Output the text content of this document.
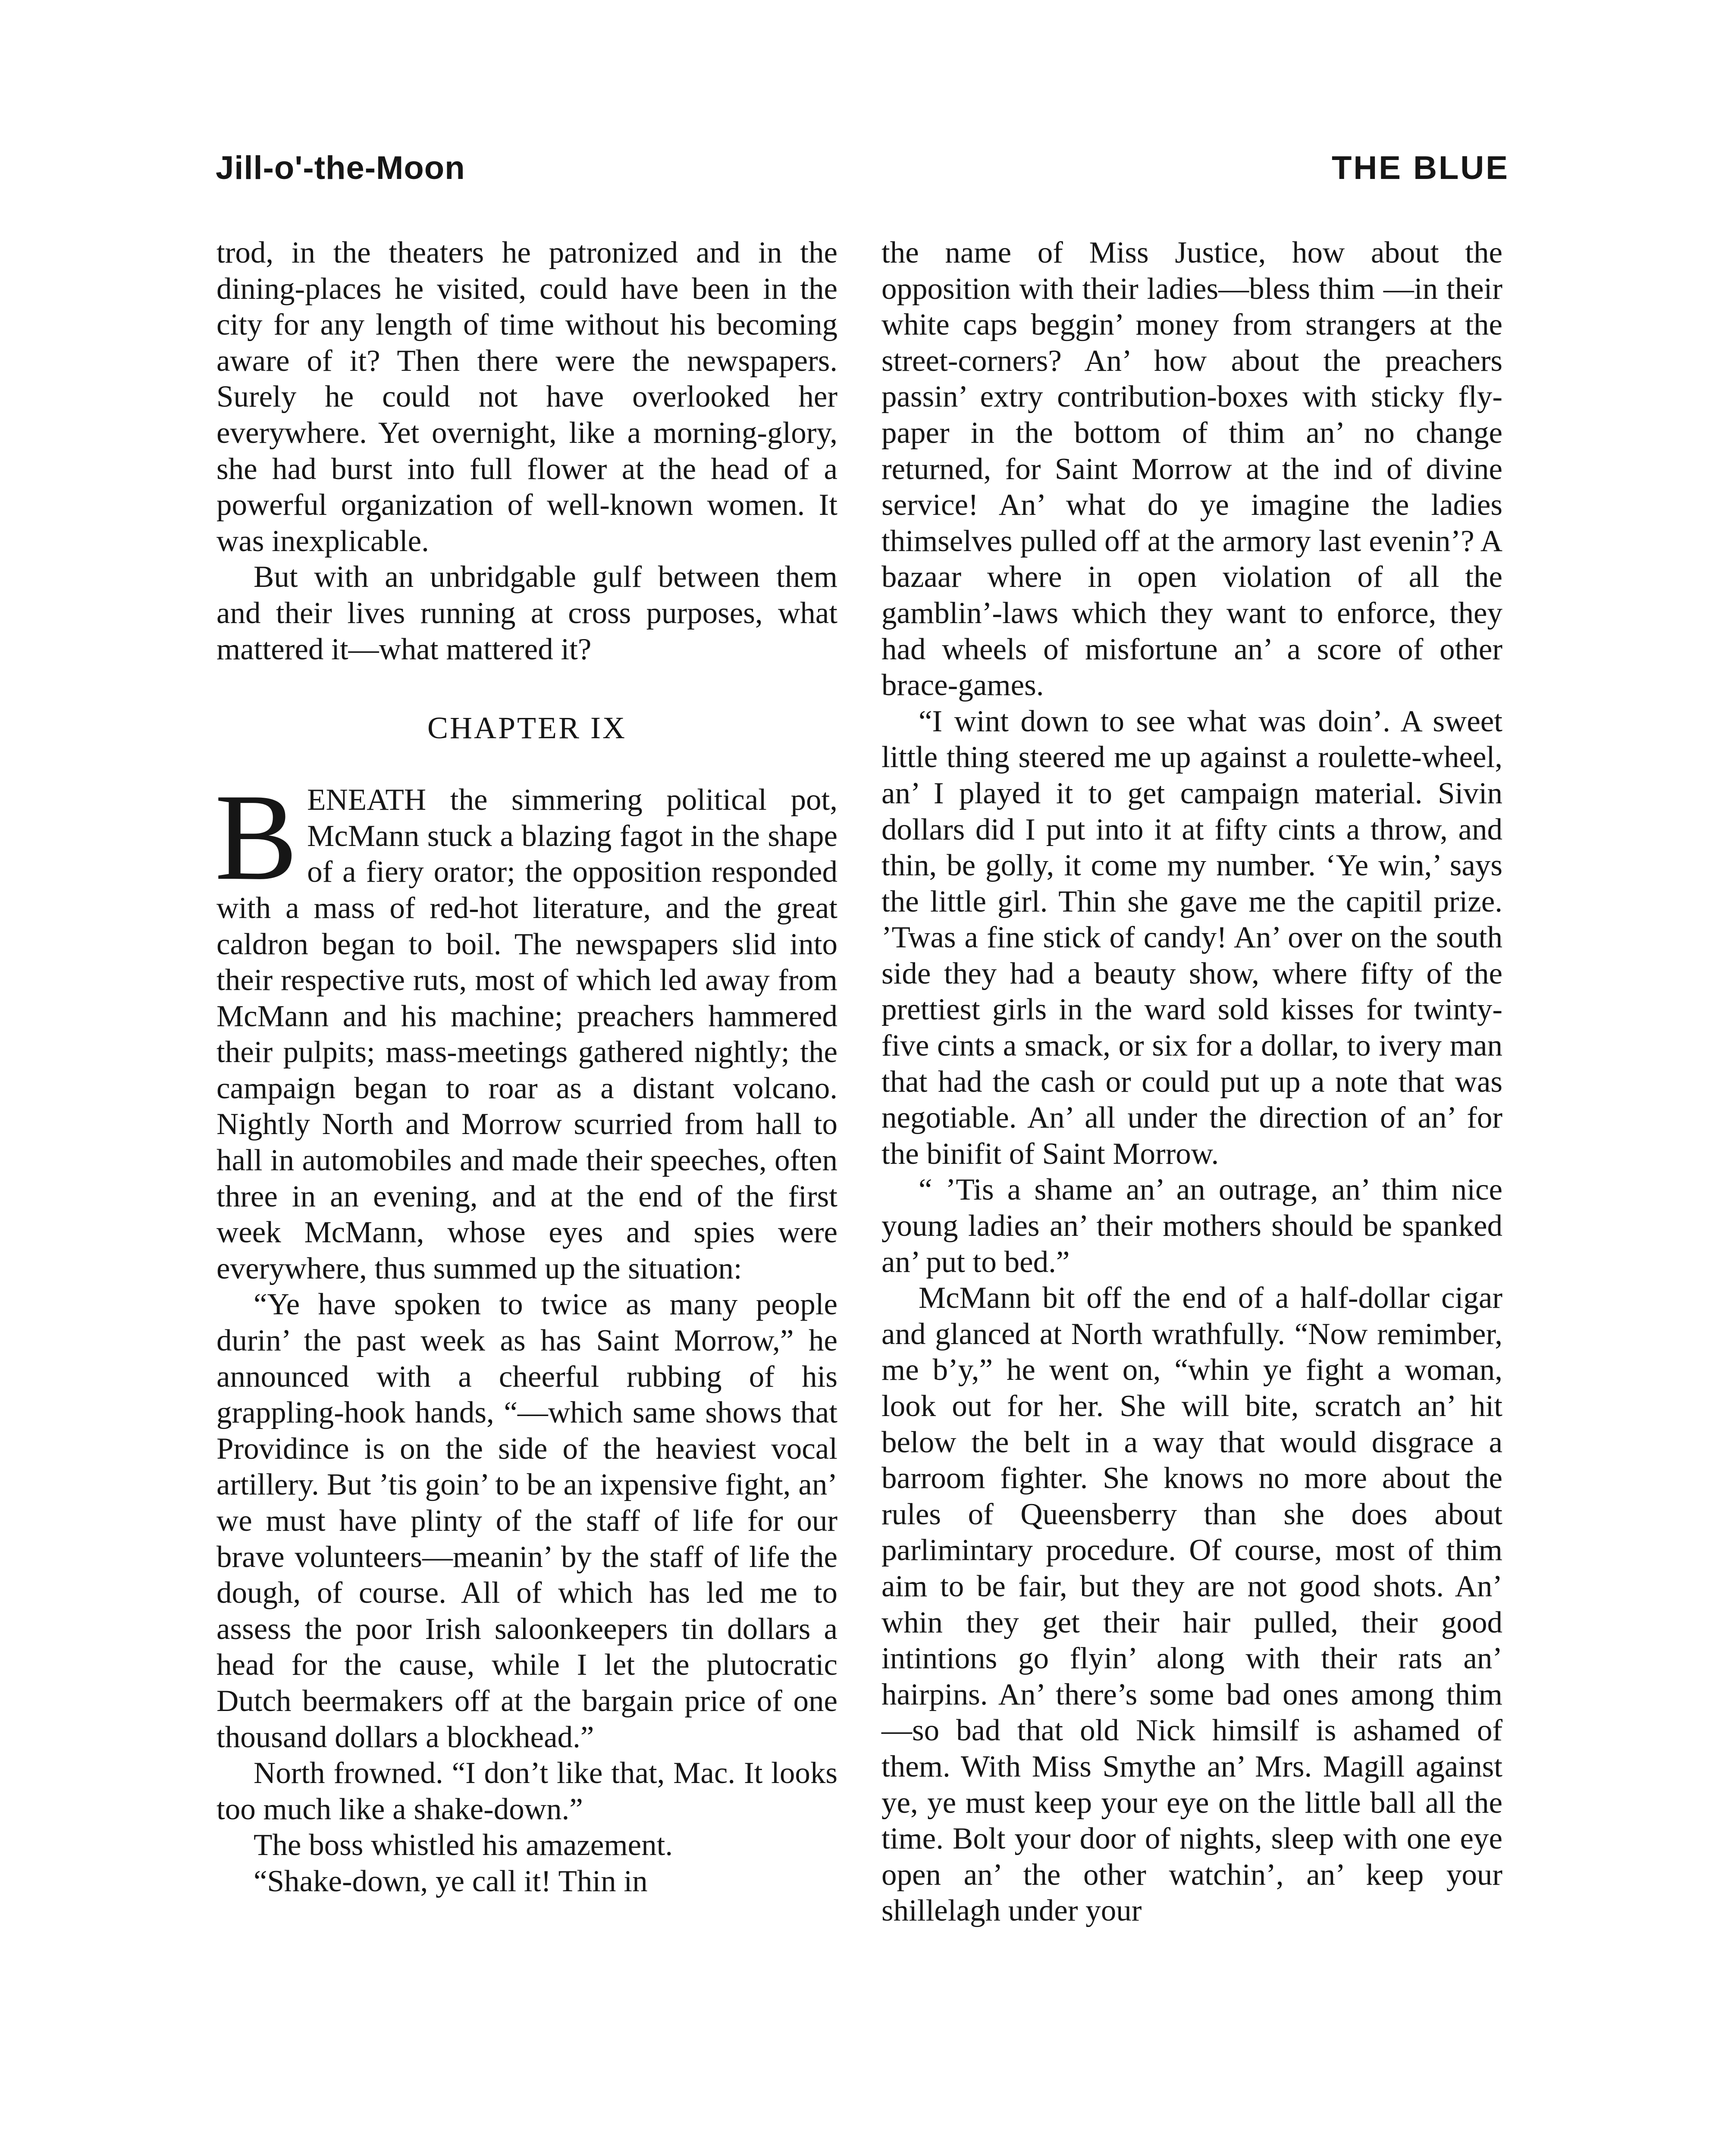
Jill-o'-the-Moon	THE BLUE

trod, in the theaters he patronized and in the dining-places he visited, could have been in the city for any length of time without his becoming aware of it? Then there were the newspapers. Surely he could not have overlooked her everywhere. Yet overnight, like a morning-glory, she had burst into full flower at the head of a powerful organization of well-known women. It was inexplicable.

But with an unbridgable gulf between them and their lives running at cross purposes, what mattered it—what mattered it?

CHAPTER IX

BENEATH the simmering political pot, McMann stuck a blazing fagot in the shape of a fiery orator; the opposition responded with a mass of red-hot literature, and the great caldron began to boil. The newspapers slid into their respective ruts, most of which led away from McMann and his machine; preachers hammered their pulpits; mass-meetings gathered nightly; the campaign began to roar as a distant volcano. Nightly North and Morrow scurried from hall to hall in automobiles and made their speeches, often three in an evening, and at the end of the first week McMann, whose eyes and spies were everywhere, thus summed up the situation:

“Ye have spoken to twice as many people durin’ the past week as has Saint Morrow,” he announced with a cheerful rubbing of his grappling-hook hands, “—which same shows that Providince is on the side of the heaviest vocal artillery. But ’tis goin’ to be an ixpensive fight, an’ we must have plinty of the staff of life for our brave volunteers—meanin’ by the staff of life the dough, of course. All of which has led me to assess the poor Irish saloonkeepers tin dollars a head for the cause, while I let the plutocratic Dutch beermakers off at the bargain price of one thousand dollars a blockhead.”

North frowned. “I don’t like that, Mac. It looks too much like a shake-down.”

The boss whistled his amazement.

“Shake-down, ye call it! Thin in

the name of Miss Justice, how about the opposition with their ladies—bless thim —in their white caps beggin’ money from strangers at the street-corners? An’ how about the preachers passin’ extry contribution-boxes with sticky fly-paper in the bottom of thim an’ no change returned, for Saint Morrow at the ind of divine service! An’ what do ye imagine the ladies thimselves pulled off at the armory last evenin’? A bazaar where in open violation of all the gamblin’-laws which they want to enforce, they had wheels of misfortune an’ a score of other brace-games.

“I wint down to see what was doin’. A sweet little thing steered me up against a roulette-wheel, an’ I played it to get campaign material. Sivin dollars did I put into it at fifty cints a throw, and thin, be golly, it come my number. ‘Ye win,’ says the little girl. Thin she gave me the capitil prize. ’Twas a fine stick of candy! An’ over on the south side they had a beauty show, where fifty of the prettiest girls in the ward sold kisses for twinty-five cints a smack, or six for a dollar, to ivery man that had the cash or could put up a note that was negotiable. An’ all under the direction of an’ for the binifit of Saint Morrow.

“ ’Tis a shame an’ an outrage, an’ thim nice young ladies an’ their mothers should be spanked an’ put to bed.”

McMann bit off the end of a half-dollar cigar and glanced at North wrathfully. “Now remimber, me b’y,” he went on, “whin ye fight a woman, look out for her. She will bite, scratch an’ hit below the belt in a way that would disgrace a barroom fighter. She knows no more about the rules of Queensberry than she does about parlimintary procedure. Of course, most of thim aim to be fair, but they are not good shots. An’ whin they get their hair pulled, their good intintions go flyin’ along with their rats an’ hairpins. An’ there’s some bad ones among thim —so bad that old Nick himsilf is ashamed of them. With Miss Smythe an’ Mrs. Magill against ye, ye must keep your eye on the little ball all the time. Bolt your door of nights, sleep with one eye open an’ the other watchin’, an’ keep your shillelagh under your
